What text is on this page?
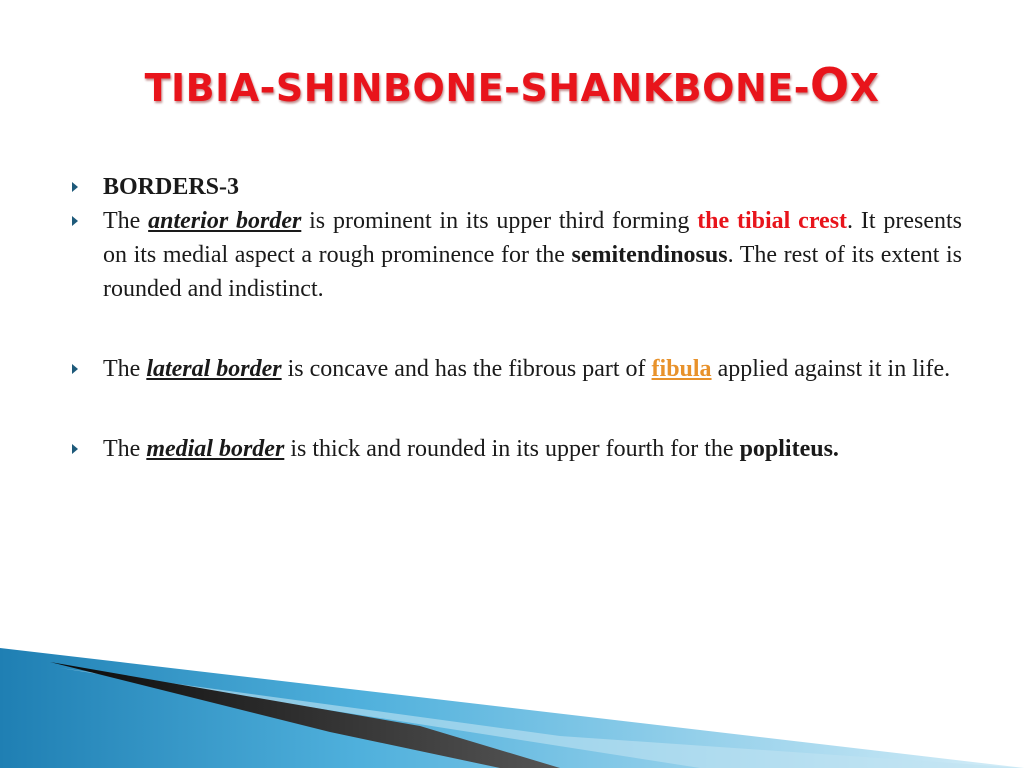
TIBIA-SHINBONE-SHANKBONE-OX
BORDERS-3
The anterior border is prominent in its upper third forming the tibial crest. It presents on its medial aspect a rough prominence for the semitendinosus. The rest of its extent is rounded and indistinct.
The lateral border is concave and has the fibrous part of fibula applied against it in life.
The medial border is thick and rounded in its upper fourth for the popliteus.
